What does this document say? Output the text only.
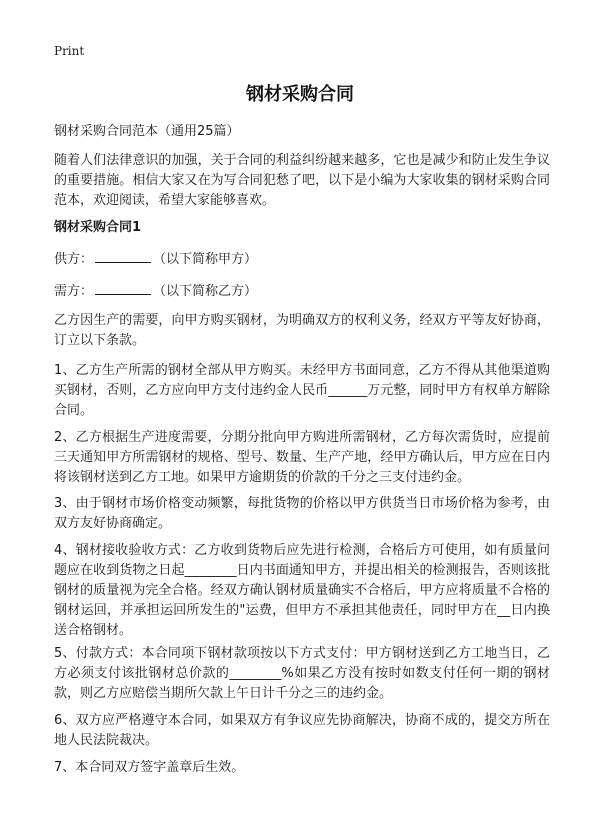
Print
钢材采购合同

钢材采购合同范本（通用25篇）

随着人们法律意识的加强，关于合同的利益纠纷越来越多，它也是减少和防止发生争议的重要措施。相信大家又在为写合同犯愁了吧，以下是小编为大家收集的钢材采购合同范本，欢迎阅读，希望大家能够喜欢。

钢材采购合同1

供方：	（以下简称甲方）

需方：	（以下简称乙方）

乙方因生产的需要，向甲方购买钢材，为明确双方的权利义务，经双方平等友好协商，订立以下条款。

1、乙方生产所需的钢材全部从甲方购买。未经甲方书面同意，乙方不得从其他渠道购买钢材，否则，乙方应向甲方支付违约金人民币______万元整，同时甲方有权单方解除合同。

2、乙方根据生产进度需要，分期分批向甲方购进所需钢材，乙方每次需货时，应提前三天通知甲方所需钢材的规格、型号、数量、生产产地，经甲方确认后，甲方应在日内将该钢材送到乙方工地。如果甲方逾期货的价款的千分之三支付违约金。

3、由于钢材市场价格变动频繁，每批货物的价格以甲方供货当日市场价格为参考，由双方友好协商确定。

4、钢材接收验收方式：乙方收到货物后应先进行检测，合格后方可使用，如有质量问题应在收到货物之日起________日内书面通知甲方，并提出相关的检测报告，否则该批钢材的质量视为完全合格。经双方确认钢材质量确实不合格后，甲方应将质量不合格的钢材运回，并承担运回所发生的"运费，但甲方不承担其他责任，同时甲方在__日内换送合格钢材。

5、付款方式：本合同项下钢材款项按以下方式支付：甲方钢材送到乙方工地当日，乙方必须支付该批钢材总价款的________%如果乙方没有按时如数支付任何一期的钢材款，则乙方应赔偿当期所欠款上午日计千分之三的违约金。

6、双方应严格遵守本合同，如果双方有争议应先协商解决，协商不成的，提交方所在地人民法院裁决。

7、本合同双方签字盖章后生效。
